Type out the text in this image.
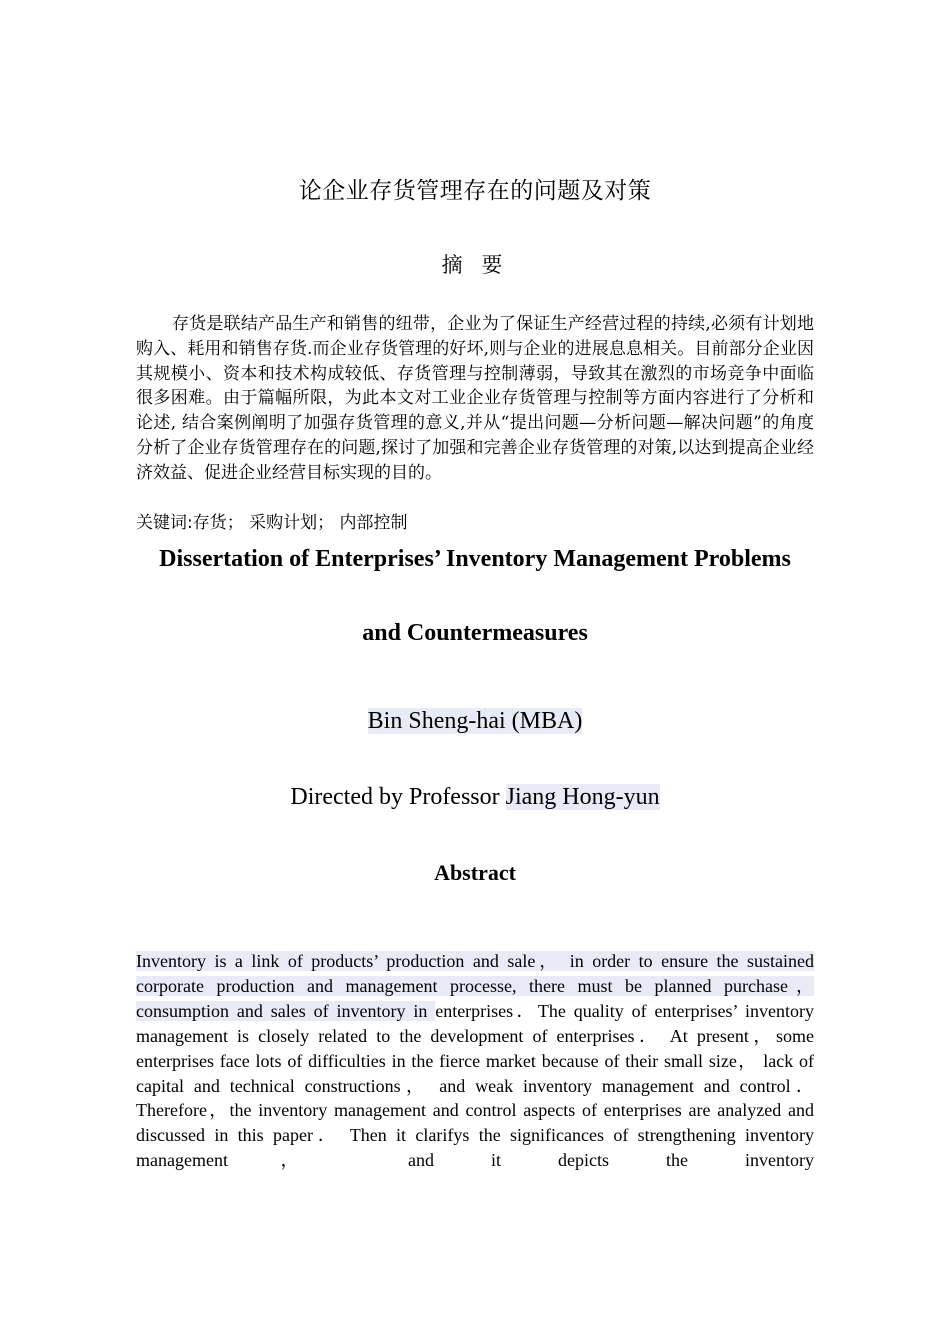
论企业存货管理存在的问题及对策
摘 要
存货是联结产品生产和销售的纽带，企业为了保证生产经营过程的持续,必须有计划地购入、耗用和销售存货.而企业存货管理的好坏,则与企业的进展息息相关。目前部分企业因其规模小、资本和技术构成较低、存货管理与控制薄弱，导致其在激烈的市场竞争中面临很多困难。由于篇幅所限，为此本文对工业企业存货管理与控制等方面内容进行了分析和论述, 结合案例阐明了加强存货管理的意义,并从“提出问题—分析问题—解决问题”的角度分析了企业存货管理存在的问题,探讨了加强和完善企业存货管理的对策,以达到提高企业经济效益、促进企业经营目标实现的目的。
关键词:存货； 采购计划； 内部控制
Dissertation of Enterprises’ Inventory Management Problems
and Countermeasures
Bin Sheng-hai (MBA)
Directed by Professor Jiang Hong-yun
Abstract
Inventory is a link of products’ production and sale， in order to ensure the sustained corporate production and management processe, there must be planned purchase， consumption and sales of inventory in enterprises．The quality of enterprises’ inventory management is closely related to the development of enterprises． At present，some enterprises face lots of difficulties in the fierce market because of their small size， lack of capital and technical constructions， and weak inventory management and control．Therefore，the inventory management and control aspects of enterprises are analyzed and discussed in this paper． Then it clarifys the significances of strengthening inventory management， and it depicts the inventory
